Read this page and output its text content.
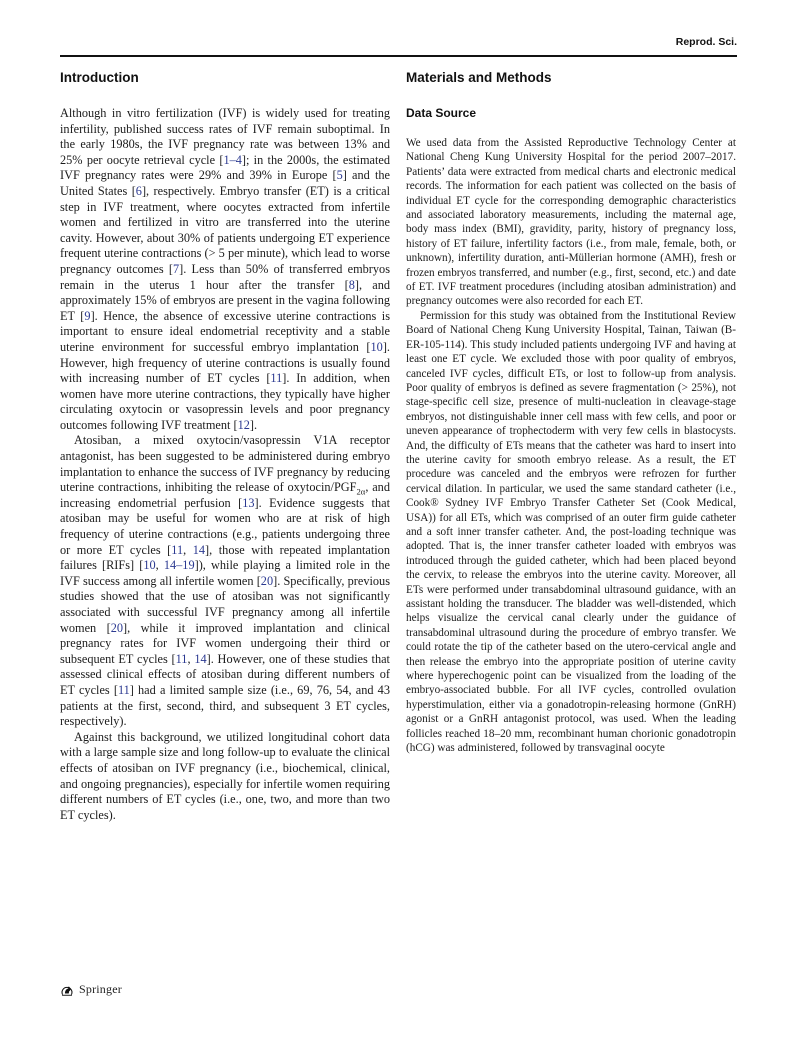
Reprod. Sci.
Introduction

Although in vitro fertilization (IVF) is widely used for treating infertility, published success rates of IVF remain suboptimal. In the early 1980s, the IVF pregnancy rate was between 13% and 25% per oocyte retrieval cycle [1–4]; in the 2000s, the estimated IVF pregnancy rates were 29% and 39% in Europe [5] and the United States [6], respectively. Embryo transfer (ET) is a critical step in IVF treatment, where oocytes extracted from infertile women and fertilized in vitro are transferred into the uterine cavity. However, about 30% of patients undergoing ET experience frequent uterine contractions (> 5 per minute), which lead to worse pregnancy outcomes [7]. Less than 50% of transferred embryos remain in the uterus 1 hour after the transfer [8], and approximately 15% of embryos are present in the vagina following ET [9]. Hence, the absence of excessive uterine contractions is important to ensure ideal endometrial receptivity and a stable uterine environment for successful embryo implantation [10]. However, high frequency of uterine contractions is usually found with increasing number of ET cycles [11]. In addition, when women have more uterine contractions, they typically have higher circulating oxytocin or vasopressin levels and poor pregnancy outcomes following IVF treatment [12].

Atosiban, a mixed oxytocin/vasopressin V1A receptor antagonist, has been suggested to be administered during embryo implantation to enhance the success of IVF pregnancy by reducing uterine contractions, inhibiting the release of oxytocin/$PGF_{2\alpha}$, and increasing endometrial perfusion [13]. Evidence suggests that atosiban may be useful for women who are at risk of high frequency of uterine contractions (e.g., patients undergoing three or more ET cycles [11, 14], those with repeated implantation failures [RIFs] [10, 14–19]), while playing a limited role in the IVF success among all infertile women [20]. Specifically, previous studies showed that the use of atosiban was not significantly associated with successful IVF pregnancy among all infertile women [20], while it improved implantation and clinical pregnancy rates for IVF women undergoing their third or subsequent ET cycles [11, 14]. However, one of these studies that assessed clinical effects of atosiban during different numbers of ET cycles [11] had a limited sample size (i.e., 69, 76, 54, and 43 patients at the first, second, third, and subsequent 3 ET cycles, respectively).

Against this background, we utilized longitudinal cohort data with a large sample size and long follow-up to evaluate the clinical effects of atosiban on IVF pregnancy (i.e., biochemical, clinical, and ongoing pregnancies), especially for infertile women requiring different numbers of ET cycles (i.e., one, two, and more than two ET cycles).

Materials and Methods
Data Source

We used data from the Assisted Reproductive Technology Center at National Cheng Kung University Hospital for the period 2007–2017. Patients’ data were extracted from medical charts and electronic medical records. The information for each patient was collected on the basis of individual ET cycle for the corresponding demographic characteristics and associated laboratory measurements, including the maternal age, body mass index (BMI), gravidity, parity, history of pregnancy loss, history of ET failure, infertility factors (i.e., from male, female, both, or unknown), infertility duration, anti-Müllerian hormone (AMH), fresh or frozen embryos transferred, and number (e.g., first, second, etc.) and date of ET. IVF treatment procedures (including atosiban administration) and pregnancy outcomes were also recorded for each ET.

Permission for this study was obtained from the Institutional Review Board of National Cheng Kung University Hospital, Tainan, Taiwan (B-ER-105-114). This study included patients undergoing IVF and having at least one ET cycle. We excluded those with poor quality of embryos, canceled IVF cycles, difficult ETs, or lost to follow-up from analysis. Poor quality of embryos is defined as severe fragmentation (> 25%), not stage-specific cell size, presence of multi-nucleation in cleavage-stage embryos, not distinguishable inner cell mass with few cells, and poor or uneven appearance of trophectoderm with very few cells in blastocysts. And, the difficulty of ETs means that the catheter was hard to insert into the uterine cavity for smooth embryo release. As a result, the ET procedure was canceled and the embryos were refrozen for further cervical dilation. In particular, we used the same standard catheter (i.e., Cook® Sydney IVF Embryo Transfer Catheter Set (Cook Medical, USA)) for all ETs, which was comprised of an outer firm guide catheter and a soft inner transfer catheter. And, the post-loading technique was adopted. That is, the inner transfer catheter loaded with embryos was introduced through the guided catheter, which had been placed beyond the cervix, to release the embryos into the uterine cavity. Moreover, all ETs were performed under transabdominal ultrasound guidance, with an assistant holding the transducer. The bladder was well-distended, which helps visualize the cervical canal clearly under the guidance of transabdominal ultrasound during the procedure of embryo transfer. We could rotate the tip of the catheter based on the utero-cervical angle and then release the embryo into the appropriate position of uterine cavity where hyperechogenic point can be visualized from the loading of the embryo-associated bubble. For all IVF cycles, controlled ovulation hyperstimulation, either via a gonadotropin-releasing hormone (GnRH) agonist or a GnRH antagonist protocol, was used. When the leading follicles reached 18–20 mm, recombinant human chorionic gonadotropin (hCG) was administered, followed by transvaginal oocyte

Springer
